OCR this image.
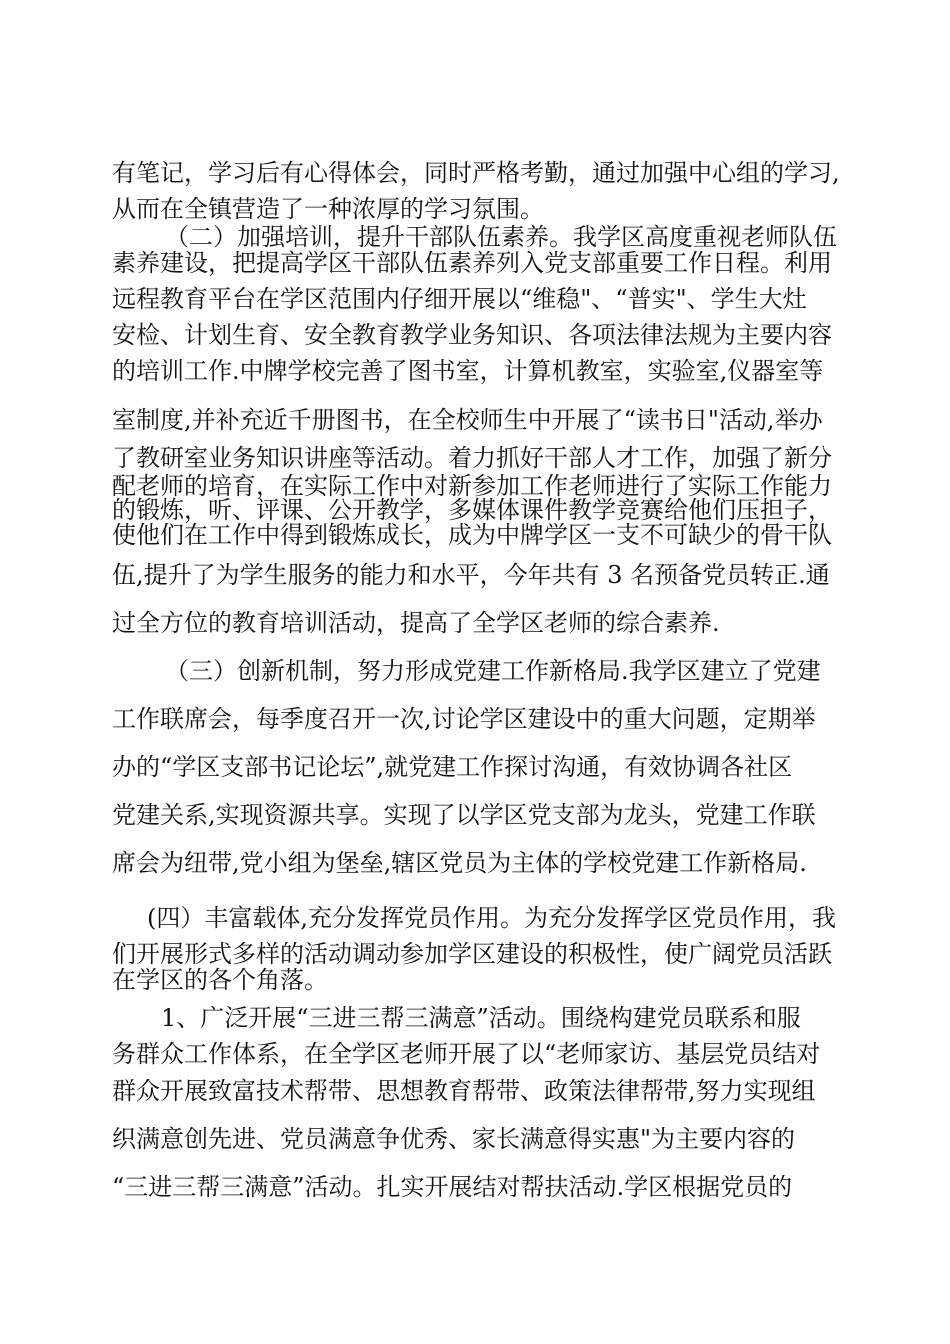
有笔记，学习后有心得体会，同时严格考勤，通过加强中心组的学习,
从而在全镇营造了一种浓厚的学习氛围。
（二）加强培训，提升干部队伍素养。我学区高度重视老师队伍
素养建设，把提高学区干部队伍素养列入党支部重要工作日程。利用
远程教育平台在学区范围内仔细开展以“维稳"、“普实"、学生大灶
安检、计划生育、安全教育教学业务知识、各项法律法规为主要内容
的培训工作.中牌学校完善了图书室，计算机教室，实验室,仪器室等
室制度,并补充近千册图书，在全校师生中开展了“读书日"活动,举办
了教研室业务知识讲座等活动。着力抓好干部人才工作，加强了新分
配老师的培育，在实际工作中对新参加工作老师进行了实际工作能力
的锻炼，听、评课、公开教学，多媒体课件教学竞赛给他们压担子，
使他们在工作中得到锻炼成长，成为中牌学区一支不可缺少的骨干队
伍,提升了为学生服务的能力和水平，今年共有 3 名预备党员转正.通
过全方位的教育培训活动，提高了全学区老师的综合素养.
（三）创新机制，努力形成党建工作新格局.我学区建立了党建
工作联席会，每季度召开一次,讨论学区建设中的重大问题，定期举
办的“学区支部书记论坛”,就党建工作探讨沟通，有效协调各社区
党建关系,实现资源共享。实现了以学区党支部为龙头，党建工作联
席会为纽带,党小组为堡垒,辖区党员为主体的学校党建工作新格局.
(四）丰富载体,充分发挥党员作用。为充分发挥学区党员作用，我
们开展形式多样的活动调动参加学区建设的积极性，使广阔党员活跃
在学区的各个角落。
1、广泛开展“三进三帮三满意”活动。围绕构建党员联系和服
务群众工作体系，在全学区老师开展了以“老师家访、基层党员结对
群众开展致富技术帮带、思想教育帮带、政策法律帮带,努力实现组
织满意创先进、党员满意争优秀、家长满意得实惠"为主要内容的
“三进三帮三满意”活动。扎实开展结对帮扶活动.学区根据党员的
